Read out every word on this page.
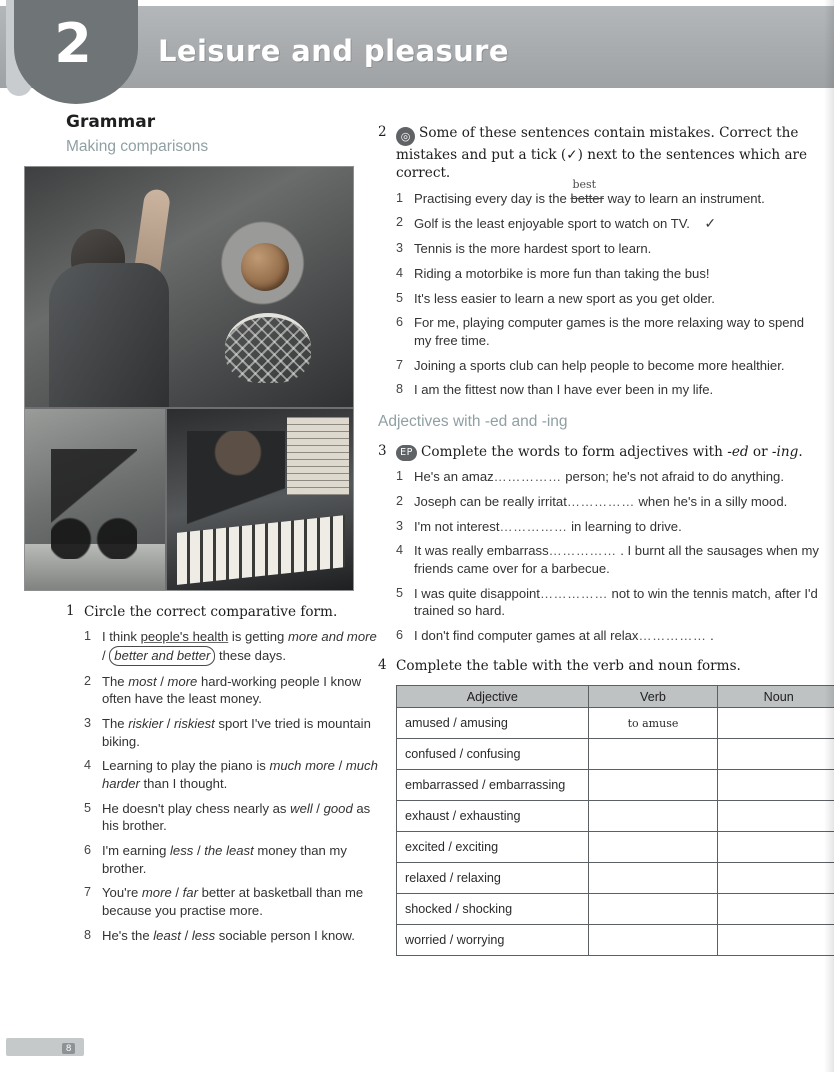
2	Leisure and pleasure
Grammar
Making comparisons
1 Circle the correct comparative form.
1 I think people's health is getting more and more / better and better these days.
2 The most / more hard-working people I know often have the least money.
3 The riskier / riskiest sport I've tried is mountain biking.
4 Learning to play the piano is much more / much harder than I thought.
5 He doesn't play chess nearly as well / good as his brother.
6 I'm earning less / the least money than my brother.
7 You're more / far better at basketball than me because you practise more.
8 He's the least / less sociable person I know.
2 ◎ Some of these sentences contain mistakes. Correct the mistakes and put a tick (✓) next to the sentences which are correct.
1 Practising every day is the
best
better way to learn an instrument.
2 Golf is the least enjoyable sport to watch on TV. ✓
3 Tennis is the more hardest sport to learn.
4 Riding a motorbike is more fun than taking the bus!
5 It's less easier to learn a new sport as you get older.
6 For me, playing computer games is the more relaxing way to spend my free time.
7 Joining a sports club can help people to become more healthier.
8 I am the fittest now than I have ever been in my life.
Adjectives with -ed and -ing
3 EP Complete the words to form adjectives with -ed or -ing.
1 He's an amaz…………… person; he's not afraid to do anything.
2 Joseph can be really irritat…………… when he's in a silly mood.
3 I'm not interest…………… in learning to drive.
4 It was really embarrass…………… . I burnt all the sausages when my friends came over for a barbecue.
5 I was quite disappoint…………… not to win the tennis match, after I'd trained so hard.
6 I don't find computer games at all relax…………… .
4 Complete the table with the verb and noun forms.
Adjective	Verb	Noun
amused / amusing	to amuse	
confused / confusing		
embarrassed / embarrassing		
exhaust / exhausting		
excited / exciting		
relaxed / relaxing		
shocked / shocking		
worried / worrying		
8
